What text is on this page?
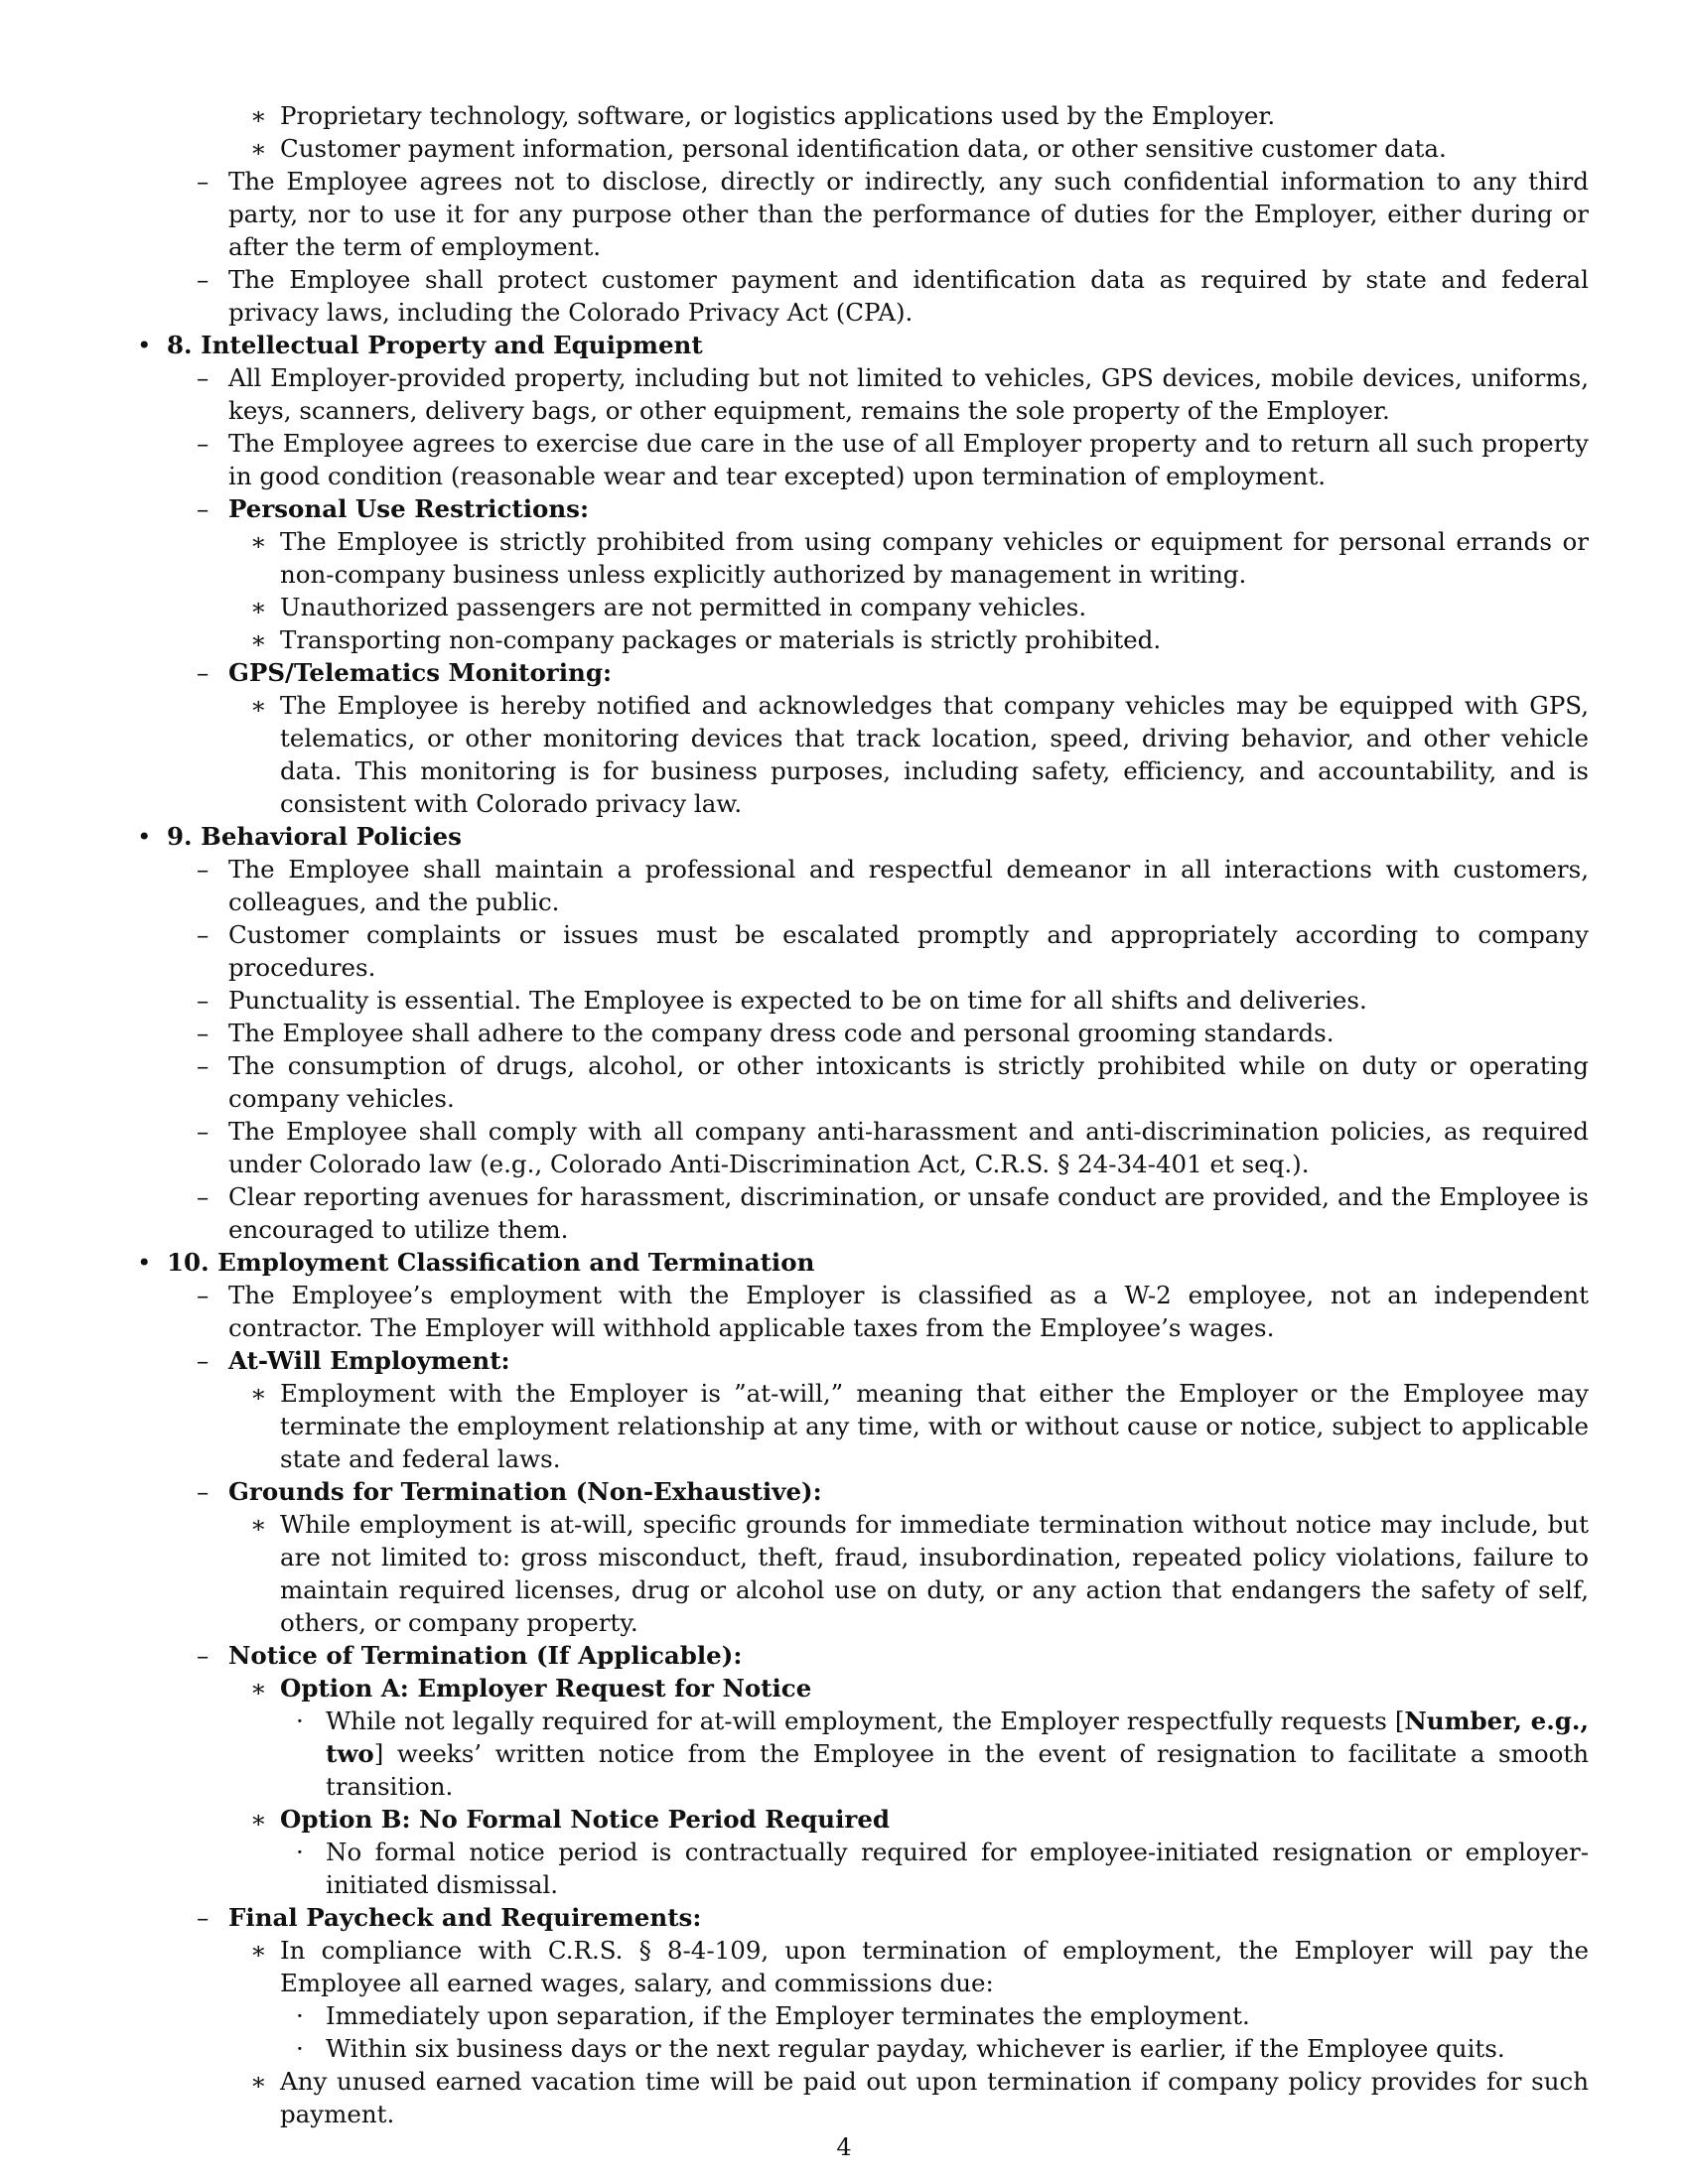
∗ Proprietary technology, software, or logistics applications used by the Employer.
∗ Customer payment information, personal identification data, or other sensitive customer data.
– The Employee agrees not to disclose, directly or indirectly, any such confidential information to any third party, nor to use it for any purpose other than the performance of duties for the Employer, either during or after the term of employment.
– The Employee shall protect customer payment and identification data as required by state and federal privacy laws, including the Colorado Privacy Act (CPA).
• 8. Intellectual Property and Equipment
– All Employer-provided property, including but not limited to vehicles, GPS devices, mobile devices, uniforms, keys, scanners, delivery bags, or other equipment, remains the sole property of the Employer.
– The Employee agrees to exercise due care in the use of all Employer property and to return all such property in good condition (reasonable wear and tear excepted) upon termination of employment.
– Personal Use Restrictions:
∗ The Employee is strictly prohibited from using company vehicles or equipment for personal errands or non-company business unless explicitly authorized by management in writing.
∗ Unauthorized passengers are not permitted in company vehicles.
∗ Transporting non-company packages or materials is strictly prohibited.
– GPS/Telematics Monitoring:
∗ The Employee is hereby notified and acknowledges that company vehicles may be equipped with GPS, telematics, or other monitoring devices that track location, speed, driving behavior, and other vehicle data. This monitoring is for business purposes, including safety, efficiency, and accountability, and is consistent with Colorado privacy law.
• 9. Behavioral Policies
– The Employee shall maintain a professional and respectful demeanor in all interactions with customers, colleagues, and the public.
– Customer complaints or issues must be escalated promptly and appropriately according to company procedures.
– Punctuality is essential. The Employee is expected to be on time for all shifts and deliveries.
– The Employee shall adhere to the company dress code and personal grooming standards.
– The consumption of drugs, alcohol, or other intoxicants is strictly prohibited while on duty or operating company vehicles.
– The Employee shall comply with all company anti-harassment and anti-discrimination policies, as required under Colorado law (e.g., Colorado Anti-Discrimination Act, C.R.S. § 24-34-401 et seq.).
– Clear reporting avenues for harassment, discrimination, or unsafe conduct are provided, and the Employee is encouraged to utilize them.
• 10. Employment Classification and Termination
– The Employee’s employment with the Employer is classified as a W-2 employee, not an independent contractor. The Employer will withhold applicable taxes from the Employee’s wages.
– At-Will Employment:
∗ Employment with the Employer is ”at-will,” meaning that either the Employer or the Employee may terminate the employment relationship at any time, with or without cause or notice, subject to applicable state and federal laws.
– Grounds for Termination (Non-Exhaustive):
∗ While employment is at-will, specific grounds for immediate termination without notice may include, but are not limited to: gross misconduct, theft, fraud, insubordination, repeated policy violations, failure to maintain required licenses, drug or alcohol use on duty, or any action that endangers the safety of self, others, or company property.
– Notice of Termination (If Applicable):
∗ Option A: Employer Request for Notice
· While not legally required for at-will employment, the Employer respectfully requests [Number, e.g., two] weeks’ written notice from the Employee in the event of resignation to facilitate a smooth transition.
∗ Option B: No Formal Notice Period Required
· No formal notice period is contractually required for employee-initiated resignation or employer-initiated dismissal.
– Final Paycheck and Requirements:
∗ In compliance with C.R.S. § 8-4-109, upon termination of employment, the Employer will pay the Employee all earned wages, salary, and commissions due:
· Immediately upon separation, if the Employer terminates the employment.
· Within six business days or the next regular payday, whichever is earlier, if the Employee quits.
∗ Any unused earned vacation time will be paid out upon termination if company policy provides for such payment.
4
